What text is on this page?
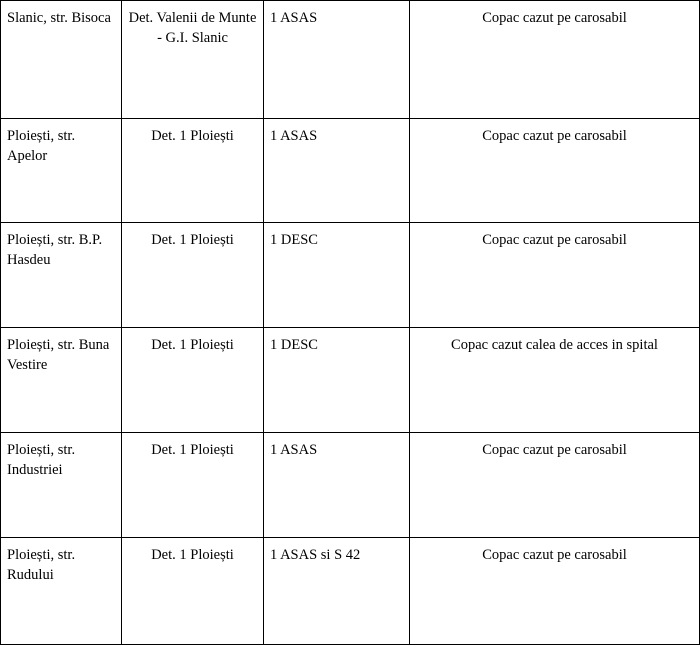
Slanic, str. Bisoca	Det. Valenii de Munte - G.I. Slanic	1 ASAS	Copac cazut pe carosabil
Ploiești, str. Apelor	Det. 1 Ploiești	1 ASAS	Copac cazut pe carosabil
Ploiești, str. B.P. Hasdeu	Det. 1 Ploiești	1 DESC	Copac cazut pe carosabil
Ploiești, str. Buna Vestire	Det. 1 Ploiești	1 DESC	Copac cazut calea de acces in spital
Ploiești, str. Industriei	Det. 1 Ploiești	1 ASAS	Copac cazut pe carosabil
Ploiești, str. Rudului	Det. 1 Ploiești	1 ASAS si S 42	Copac cazut pe carosabil
